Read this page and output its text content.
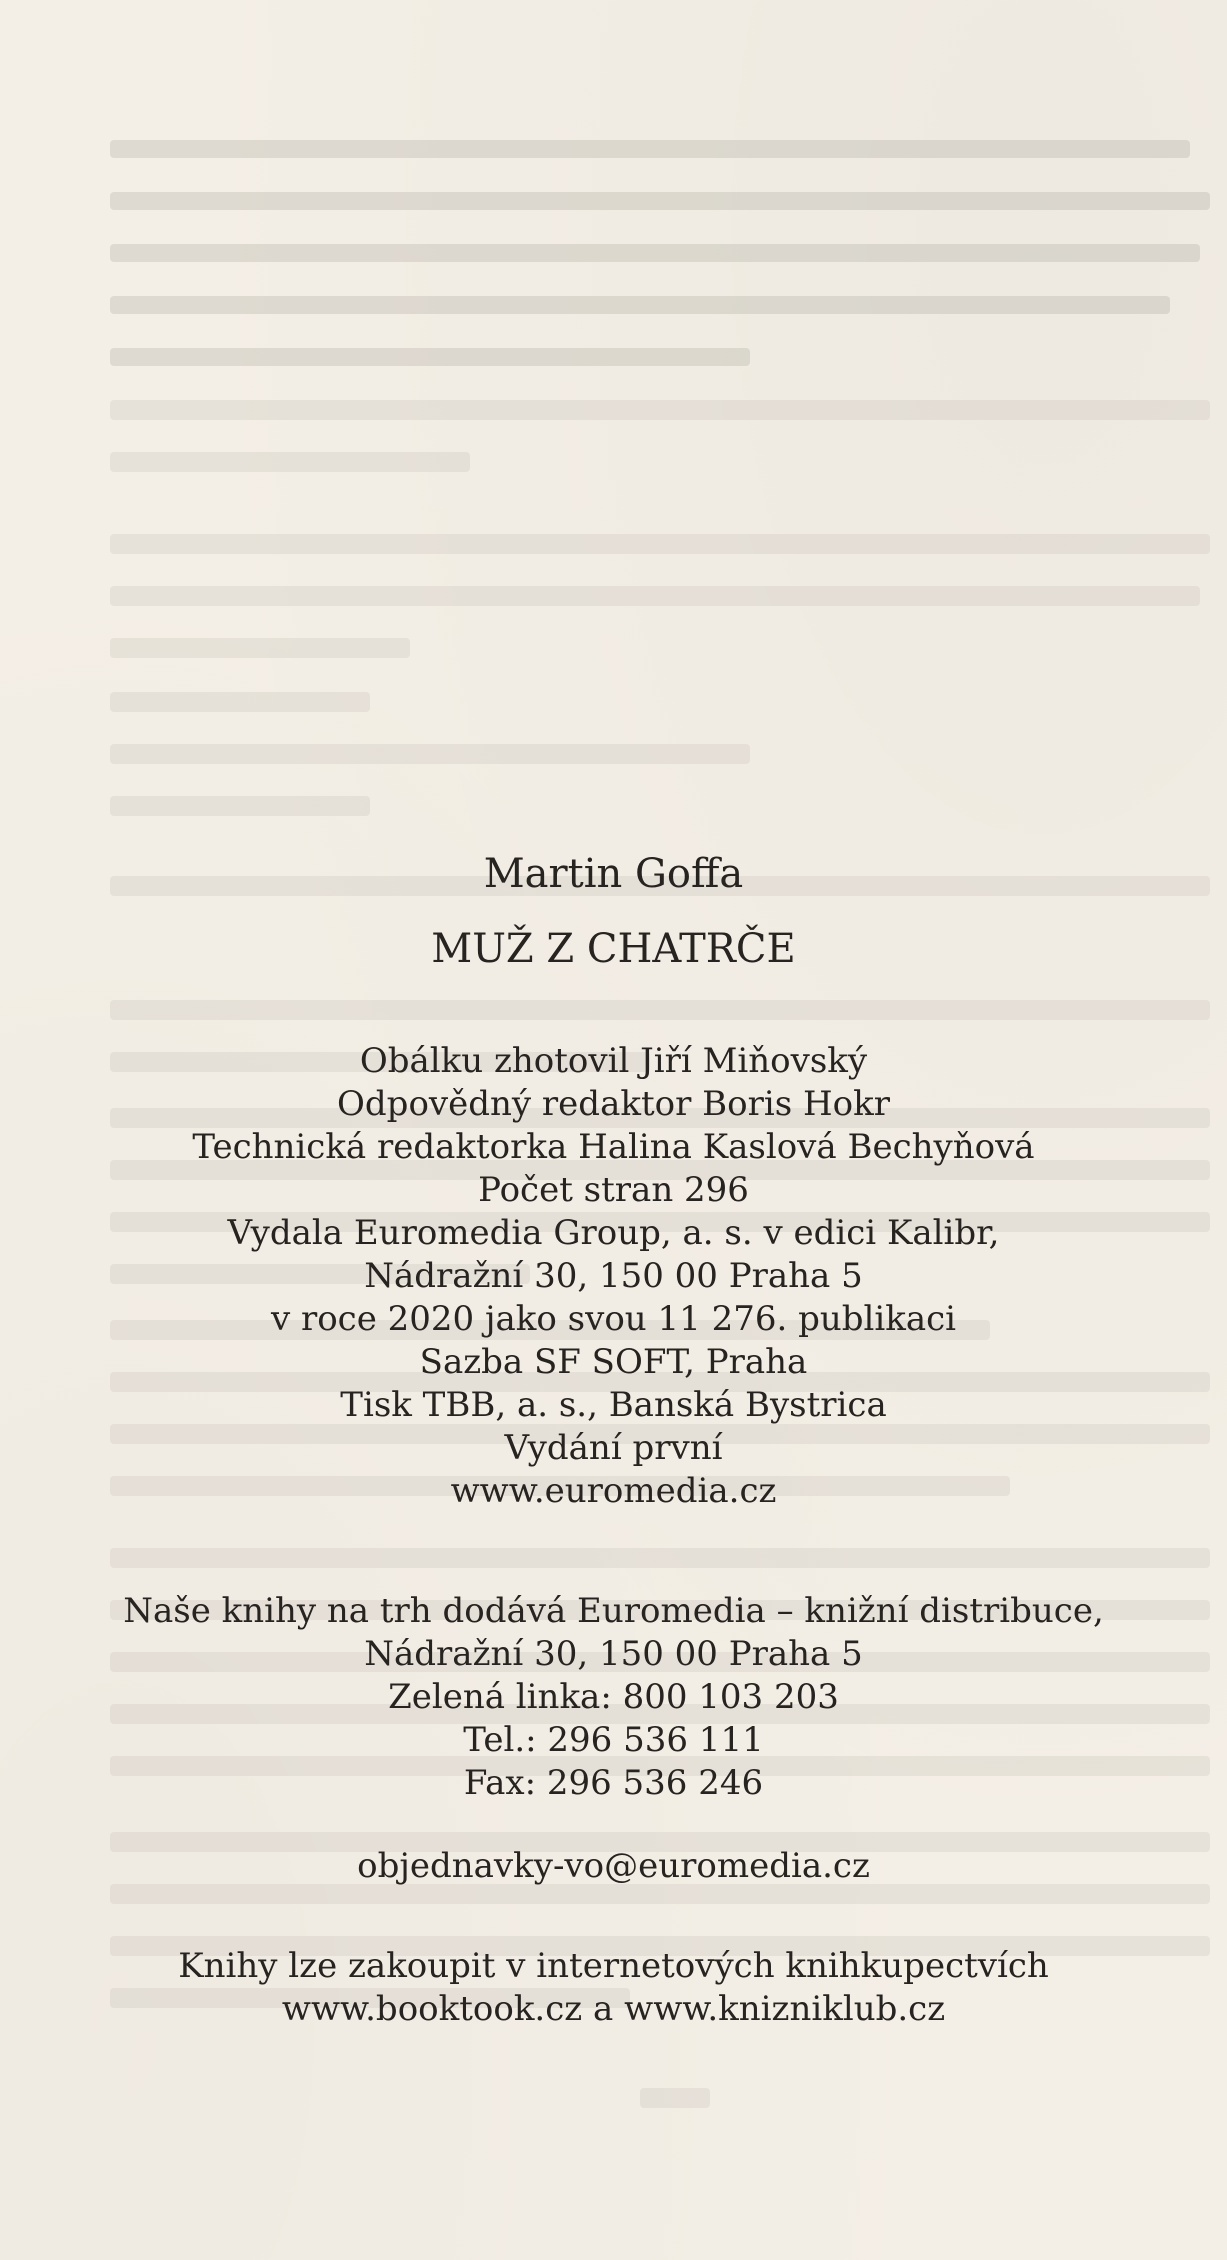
Martin Goffa

MUŽ Z CHATRČE

Obálku zhotovil Jiří Miňovský

Odpovědný redaktor Boris Hokr

Technická redaktorka Halina Kaslová Bechyňová

Počet stran 296

Vydala Euromedia Group, a. s. v edici Kalibr,

Nádražní 30, 150 00 Praha 5

v roce 2020 jako svou 11 276. publikaci

Sazba SF SOFT, Praha

Tisk TBB, a. s., Banská Bystrica

Vydání první

www.euromedia.cz

Naše knihy na trh dodává Euromedia – knižní distribuce,

Nádražní 30, 150 00 Praha 5

Zelená linka: 800 103 203

Tel.: 296 536 111

Fax: 296 536 246

objednavky-vo@euromedia.cz

Knihy lze zakoupit v internetových knihkupectvích

www.booktook.cz a www.knizniklub.cz
